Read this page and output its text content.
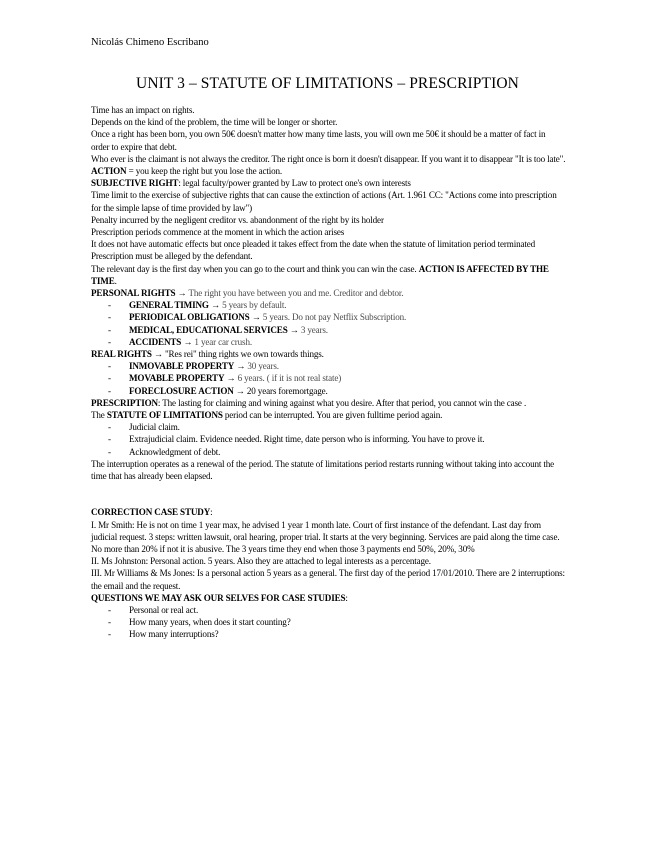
Nicolás Chimeno Escribano
UNIT 3 – STATUTE OF LIMITATIONS – PRESCRIPTION

Time has an impact on rights.

Depends on the kind of the problem, the time will be longer or shorter.

Once a right has been born, you own 50€ doesn't matter how many time lasts, you will own me 50€ it should be a matter of fact in order to expire that debt.

Who ever is the claimant is not always the creditor. The right once is born it doesn't disappear. If you want it to disappear "It is too late".

ACTION = you keep the right but you lose the action.

SUBJECTIVE RIGHT: legal faculty/power granted by Law to protect one's own interests

Time limit to the exercise of subjective rights that can cause the extinction of actions (Art. 1.961 CC: "Actions come into prescription for the simple lapse of time provided by law")

Penalty incurred by the negligent creditor vs. abandonment of the right by its holder

Prescription periods commence at the moment in which the action arises

It does not have automatic effects but once pleaded it takes effect from the date when the statute of limitation period terminated

Prescription must be alleged by the defendant.

The relevant day is the first day when you can go to the court and think you can win the case. ACTION IS AFFECTED BY THE TIME.

PERSONAL RIGHTS → The right you have between you and me. Creditor and debtor.

- GENERAL TIMING → 5 years by default.
- PERIODICAL OBLIGATIONS → 5 years. Do not pay Netflix Subscription.
- MEDICAL, EDUCATIONAL SERVICES → 3 years.
- ACCIDENTS → 1 year car crush.

REAL RIGHTS → "Res rei" thing rights we own towards things.

- INMOVABLE PROPERTY → 30 years.
- MOVABLE PROPERTY → 6 years. ( if it is not real state)
- FORECLOSURE ACTION → 20 years foremortgage.

PRESCRIPTION: The lasting for claiming and wining against what you desire. After that period, you cannot win the case .

The STATUTE OF LIMITATIONS period can be interrupted. You are given fulltime period again.

- Judicial claim.
- Extrajudicial claim. Evidence needed. Right time, date person who is informing. You have to prove it.
- Acknowledgment of debt.

The interruption operates as a renewal of the period. The statute of limitations period restarts running without taking into account the time that has already been elapsed.

CORRECTION CASE STUDY:

I. Mr Smith: He is not on time 1 year max, he advised 1 year 1 month late. Court of first instance of the defendant. Last day from judicial request. 3 steps: written lawsuit, oral hearing, proper trial. It starts at the very beginning. Services are paid along the time case. No more than 20% if not it is abusive. The 3 years time they end when those 3 payments end 50%, 20%, 30%

II. Ms Johnston: Personal action. 5 years. Also they are attached to legal interests as a percentage.

III. Mr Williams & Ms Jones: Is a personal action 5 years as a general. The first day of the period 17/01/2010. There are 2 interruptions: the email and the request.

QUESTIONS WE MAY ASK OUR SELVES FOR CASE STUDIES:

- Personal or real act.
- How many years, when does it start counting?
- How many interruptions?
